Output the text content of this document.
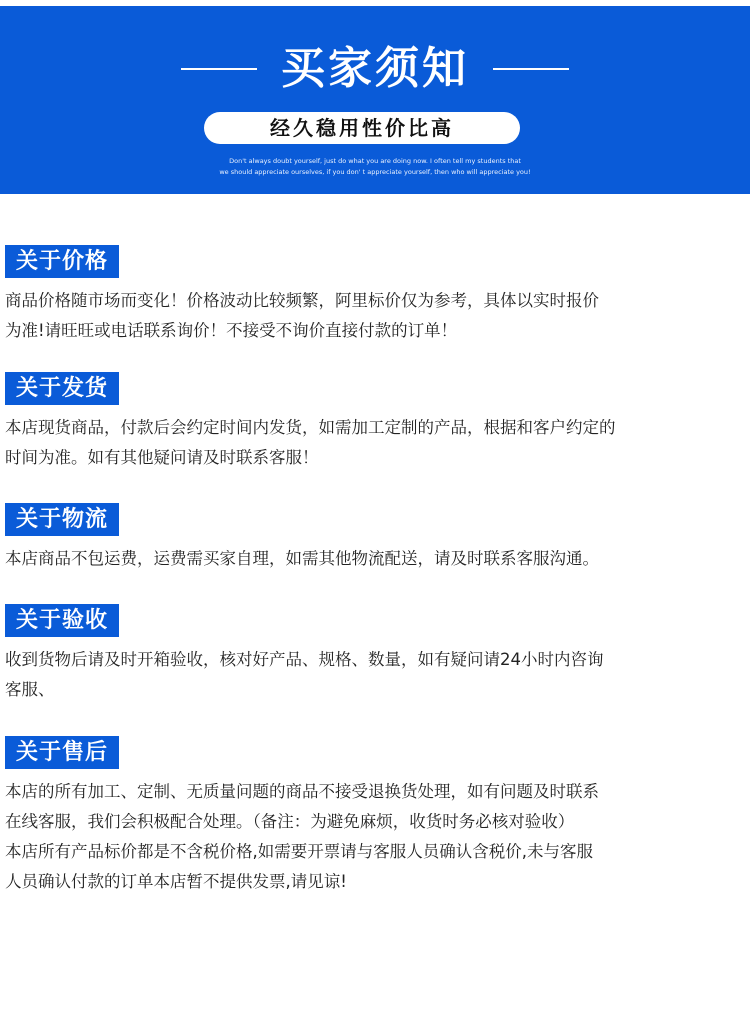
买家须知
经久稳用性价比高
Don't always doubt yourself, just do what you are doing now. I often tell my students that
we should appreciate ourselves, if you don' t appreciate yourself, then who will appreciate you!
关于价格
商品价格随市场而变化！价格波动比较频繁，阿里标价仅为参考，具体以实时报价
为准!请旺旺或电话联系询价！不接受不询价直接付款的订单！
关于发货
本店现货商品，付款后会约定时间内发货，如需加工定制的产品，根据和客户约定的
时间为准。如有其他疑问请及时联系客服！
关于物流
本店商品不包运费，运费需买家自理，如需其他物流配送，请及时联系客服沟通。
关于验收
收到货物后请及时开箱验收，核对好产品、规格、数量，如有疑问请24小时内咨询
客服、
关于售后
本店的所有加工、定制、无质量问题的商品不接受退换货处理，如有问题及时联系
在线客服，我们会积极配合处理。（备注：为避免麻烦，收货时务必核对验收）
本店所有产品标价都是不含税价格,如需要开票请与客服人员确认含税价,未与客服
人员确认付款的订单本店暂不提供发票,请见谅!
